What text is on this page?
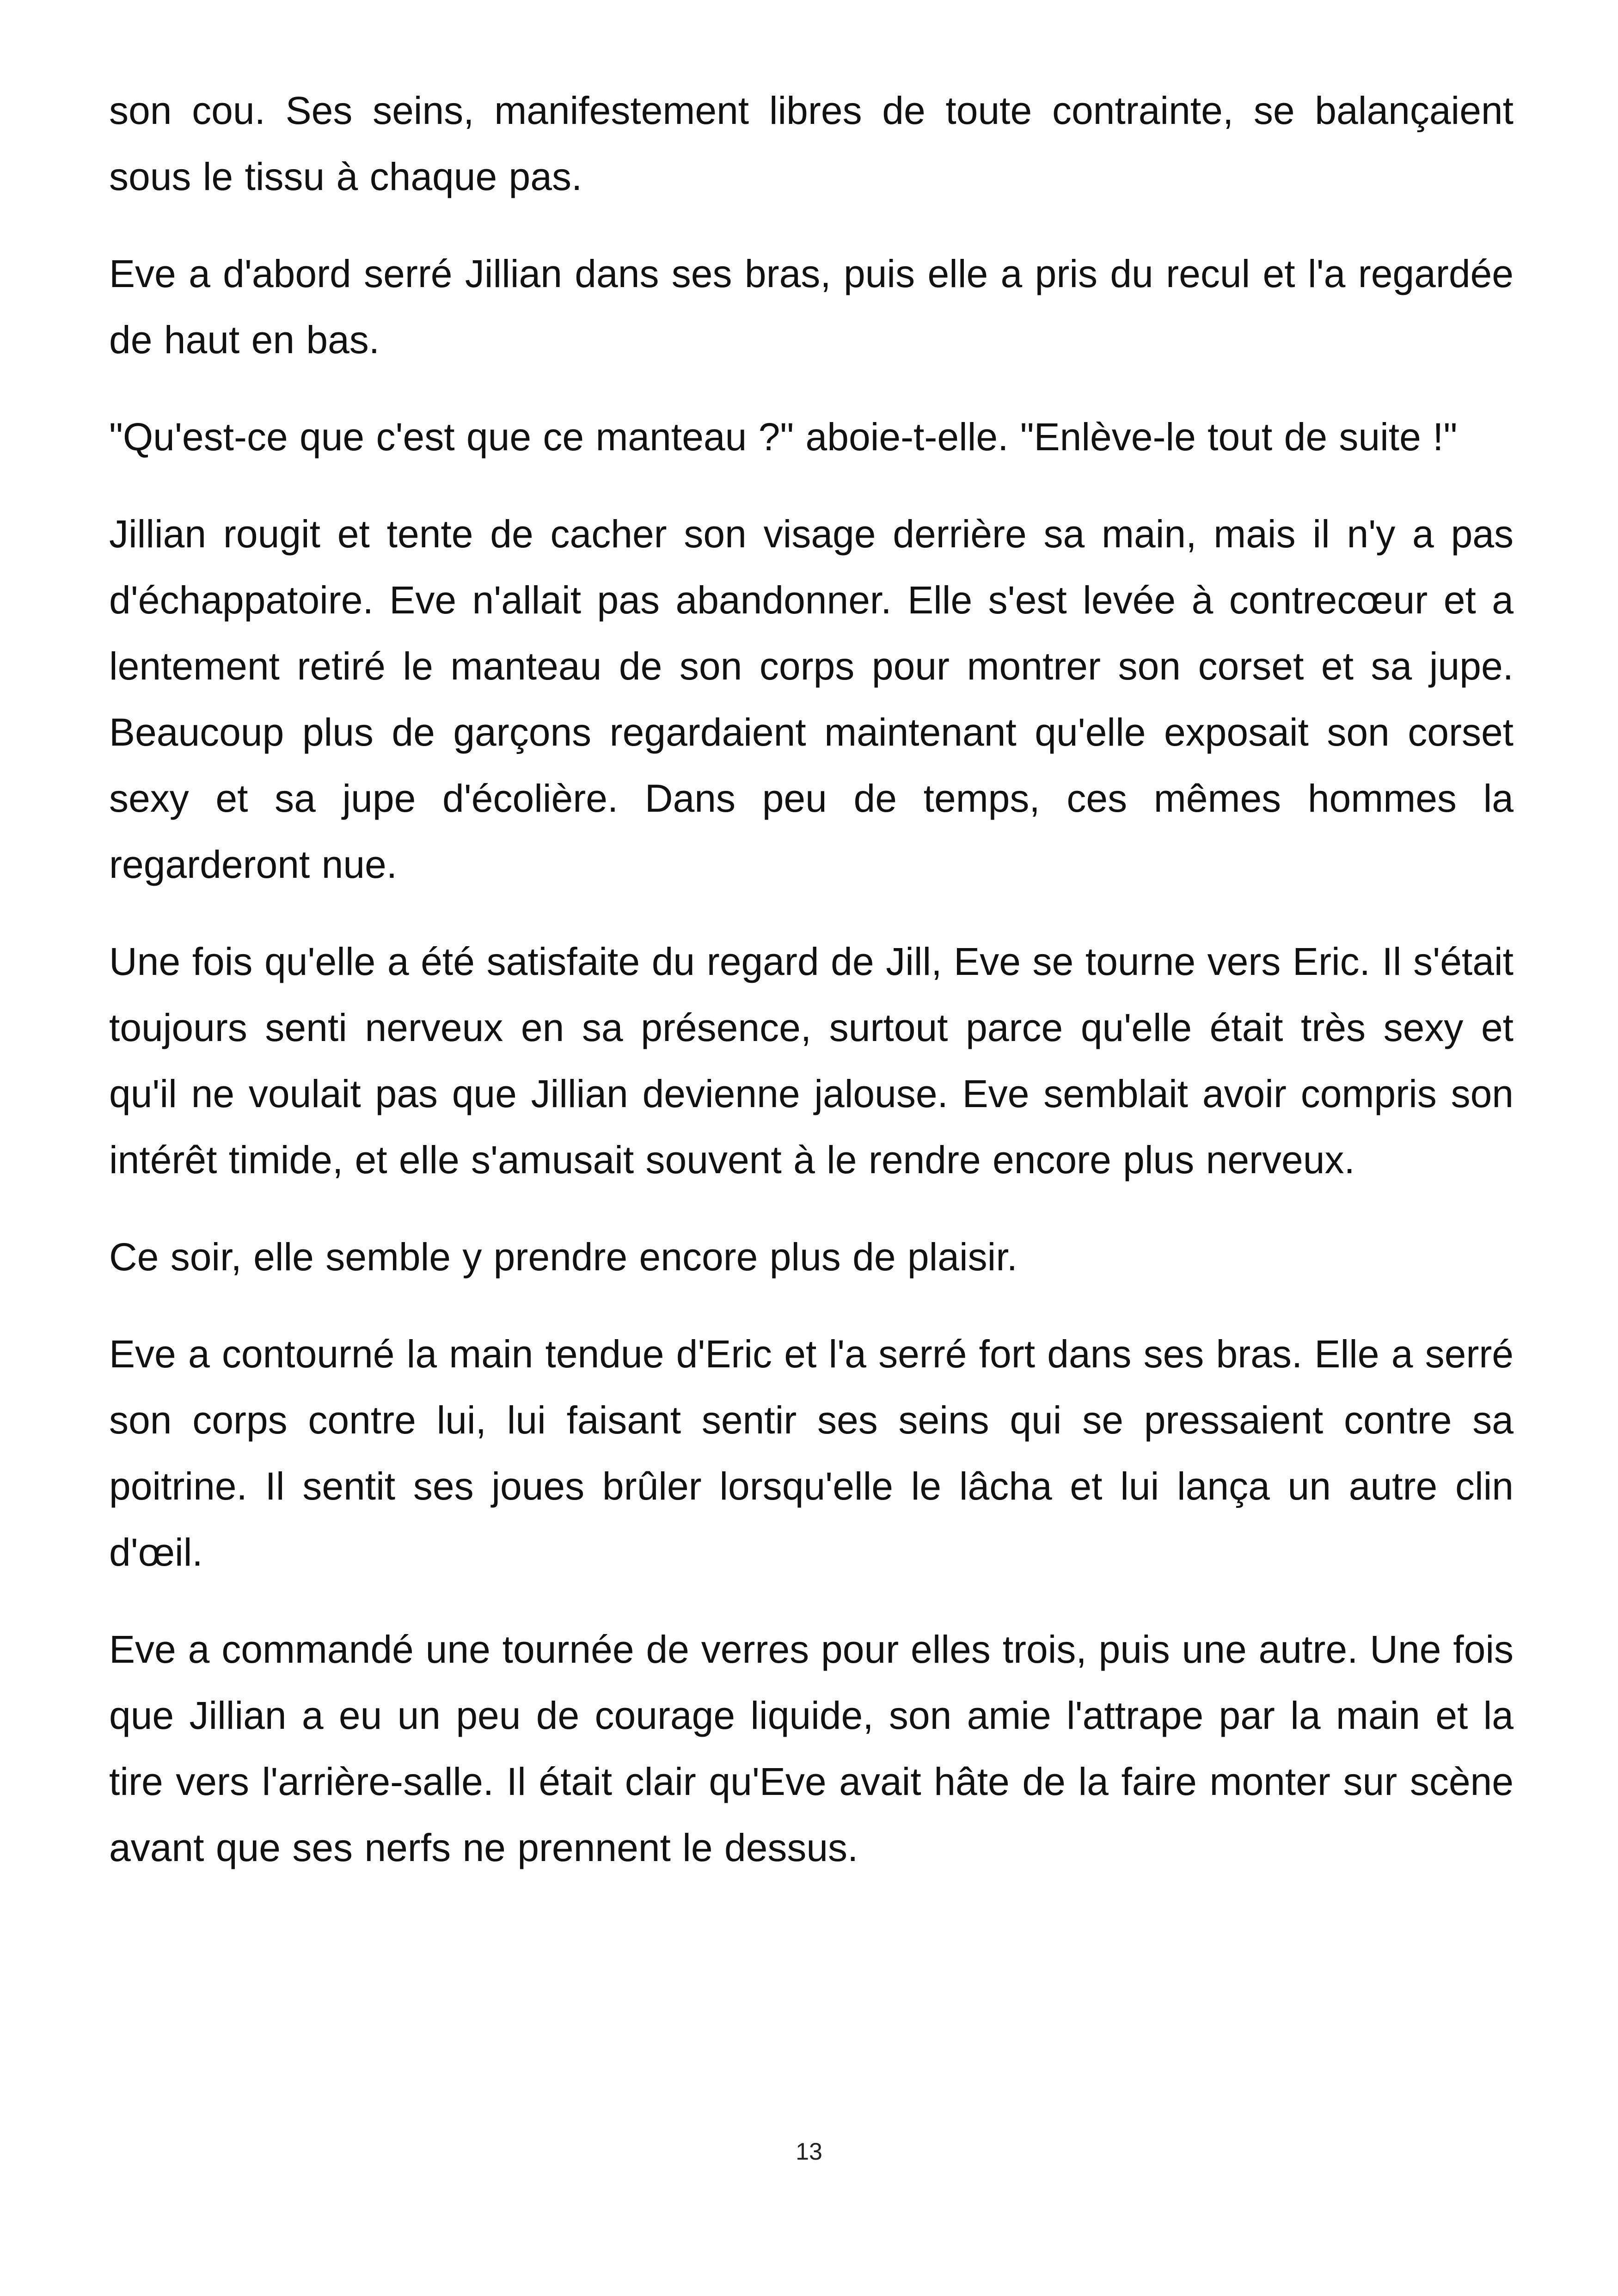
son cou. Ses seins, manifestement libres de toute contrainte, se balançaient sous le tissu à chaque pas.

Eve a d'abord serré Jillian dans ses bras, puis elle a pris du recul et l'a regardée de haut en bas.

"Qu'est-ce que c'est que ce manteau ?" aboie-t-elle. "Enlève-le tout de suite !"

Jillian rougit et tente de cacher son visage derrière sa main, mais il n'y a pas d'échappatoire. Eve n'allait pas abandonner. Elle s'est levée à contrecœur et a lentement retiré le manteau de son corps pour montrer son corset et sa jupe. Beaucoup plus de garçons regardaient maintenant qu'elle exposait son corset sexy et sa jupe d'écolière. Dans peu de temps, ces mêmes hommes la regarderont nue.

Une fois qu'elle a été satisfaite du regard de Jill, Eve se tourne vers Eric. Il s'était toujours senti nerveux en sa présence, surtout parce qu'elle était très sexy et qu'il ne voulait pas que Jillian devienne jalouse. Eve semblait avoir compris son intérêt timide, et elle s'amusait souvent à le rendre encore plus nerveux.

Ce soir, elle semble y prendre encore plus de plaisir.

Eve a contourné la main tendue d'Eric et l'a serré fort dans ses bras. Elle a serré son corps contre lui, lui faisant sentir ses seins qui se pressaient contre sa poitrine. Il sentit ses joues brûler lorsqu'elle le lâcha et lui lança un autre clin d'œil.

Eve a commandé une tournée de verres pour elles trois, puis une autre. Une fois que Jillian a eu un peu de courage liquide, son amie l'attrape par la main et la tire vers l'arrière-salle. Il était clair qu'Eve avait hâte de la faire monter sur scène avant que ses nerfs ne prennent le dessus.

13
